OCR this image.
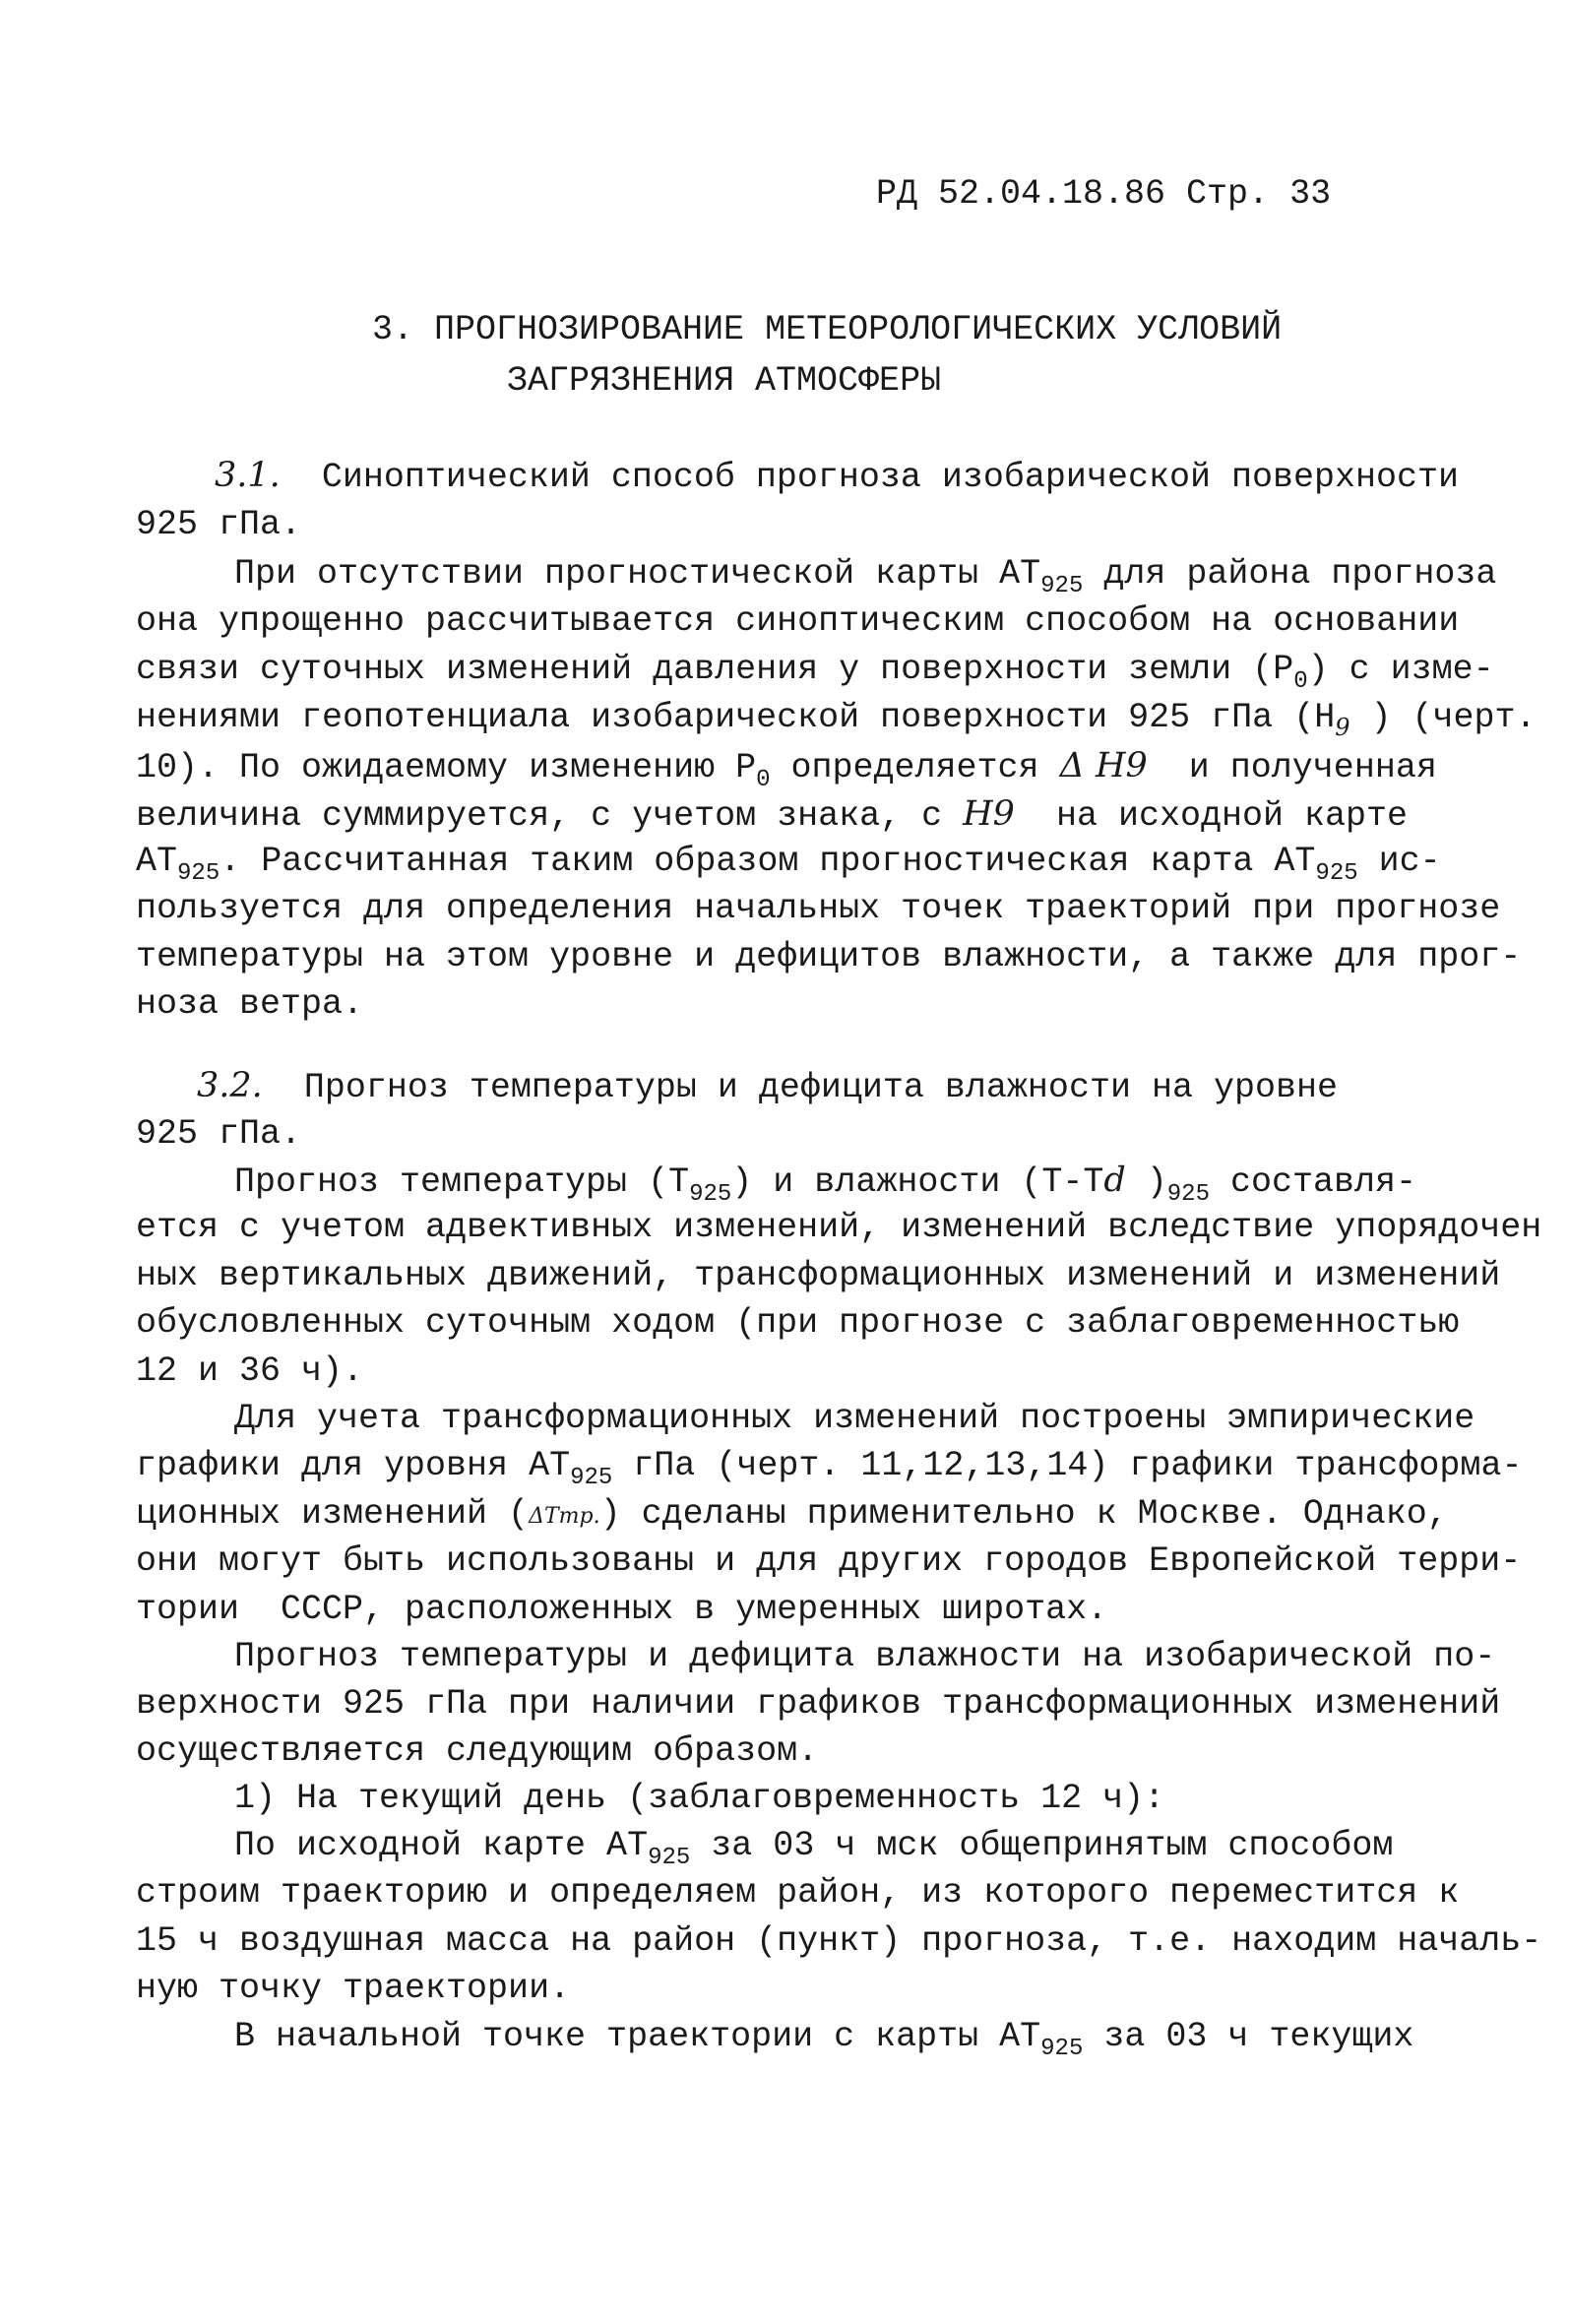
РД 52.04.18.86 Стр. 33
3. ПРОГНОЗИРОВАНИЕ МЕТЕОРОЛОГИЧЕСКИХ УСЛОВИЙ
ЗАГРЯЗНЕНИЯ АТМОСФЕРЫ
3.1. Синоптический способ прогноза изобарической поверхности
925 гПа.
При отсутствии прогностической карты $АТ_{925}$ для района прогноза
она упрощенно рассчитывается синоптическим способом на основании
связи суточных изменений давления у поверхности земли $(Р_0)$ с изме-
нениями геопотенциала изобарической поверхности 925 гПа ($Н_9$ ) (черт.
10). По ожидаемому изменению $Р_0$ определяется Δ Н9  и полученная
величина суммируется, с учетом знака, с Н9  на исходной карте
$АТ_{925}$. Рассчитанная таким образом прогностическая карта $АТ_{925}$ ис-
пользуется для определения начальных точек траекторий при прогнозе
температуры на этом уровне и дефицитов влажности, а также для прог-
ноза ветра.
3.2. Прогноз температуры и дефицита влажности на уровне
925 гПа.
Прогноз температуры $(Т_{925})$ и влажности (Т-Тd )$_{925}$ составля-
ется с учетом адвективных изменений, изменений вследствие упорядочен
ных вертикальных движений, трансформационных изменений и изменений
обусловленных суточным ходом (при прогнозе с заблаговременностью
12 и 36 ч).
Для учета трансформационных изменений построены эмпирические
графики для уровня $АТ_{925}$ гПа (черт. 11,12,13,14) графики трансформа-
ционных изменений (ΔТтр.) сделаны применительно к Москве. Однако,
они могут быть использованы и для других городов Европейской терри-
тории  СССР, расположенных в умеренных широтах.
Прогноз температуры и дефицита влажности на изобарической по-
верхности 925 гПа при наличии графиков трансформационных изменений
осуществляется следующим образом.
1) На текущий день (заблаговременность 12 ч):
По исходной карте $АТ_{925}$ за 03 ч мск общепринятым способом
строим траекторию и определяем район, из которого переместится к
15 ч воздушная масса на район (пункт) прогноза, т.е. находим началь-
ную точку траектории.
В начальной точке траектории с карты $АТ_{925}$ за 03 ч текущих
